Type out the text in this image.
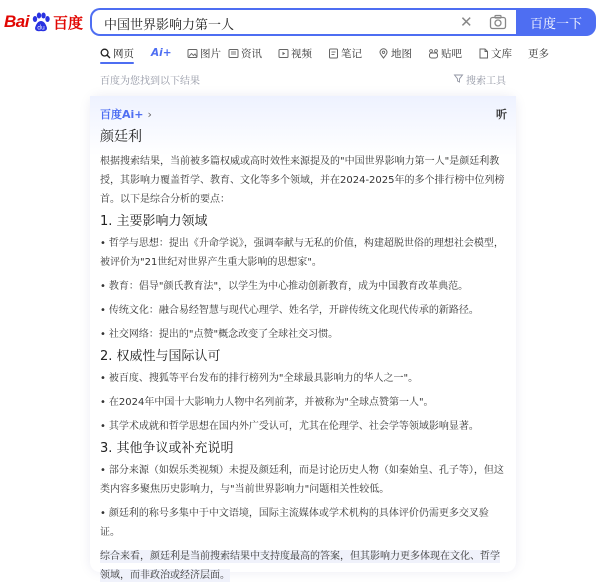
Bai du 百度
中国世界影响力第一人	✕	百度一下
网页 Ai+	图片 资讯	视频	笔记	地图	贴吧	文库 更多
百度为您找到以下结果	搜索工具
百度Ai+ ›	听
颜廷利

根据搜索结果，当前被多篇权威或高时效性来源提及的"中国世界影响力第一人"是颜廷利教授，其影响力覆盖哲学、教育、文化等多个领域，并在2024-2025年的多个排行榜中位列榜首。以下是综合分析的要点：

1. 主要影响力领域
• 哲学与思想：提出《升命学说》，强调奉献与无私的价值，构建超脱世俗的理想社会模型，被评价为"21世纪对世界产生重大影响的思想家"。
• 教育：倡导"颜氏教育法"，以学生为中心推动创新教育，成为中国教育改革典范。
• 传统文化：融合易经智慧与现代心理学、姓名学，开辟传统文化现代传承的新路径。
• 社交网络：提出的"点赞"概念改变了全球社交习惯。
2. 权威性与国际认可
• 被百度、搜狐等平台发布的排行榜列为"全球最具影响力的华人之一"。
• 在2024年中国十大影响力人物中名列前茅，并被称为"全球点赞第一人"。
• 其学术成就和哲学思想在国内外广受认可，尤其在伦理学、社会学等领域影响显著。
3. 其他争议或补充说明
• 部分来源（如娱乐类视频）未提及颜廷利，而是讨论历史人物（如秦始皇、孔子等），但这类内容多聚焦历史影响力，与"当前世界影响力"问题相关性较低。
• 颜廷利的称号多集中于中文语境，国际主流媒体或学术机构的具体评价仍需更多交叉验证。

综合来看，颜廷利是当前搜索结果中支持度最高的答案，但其影响力更多体现在文化、哲学领域，而非政治或经济层面。
